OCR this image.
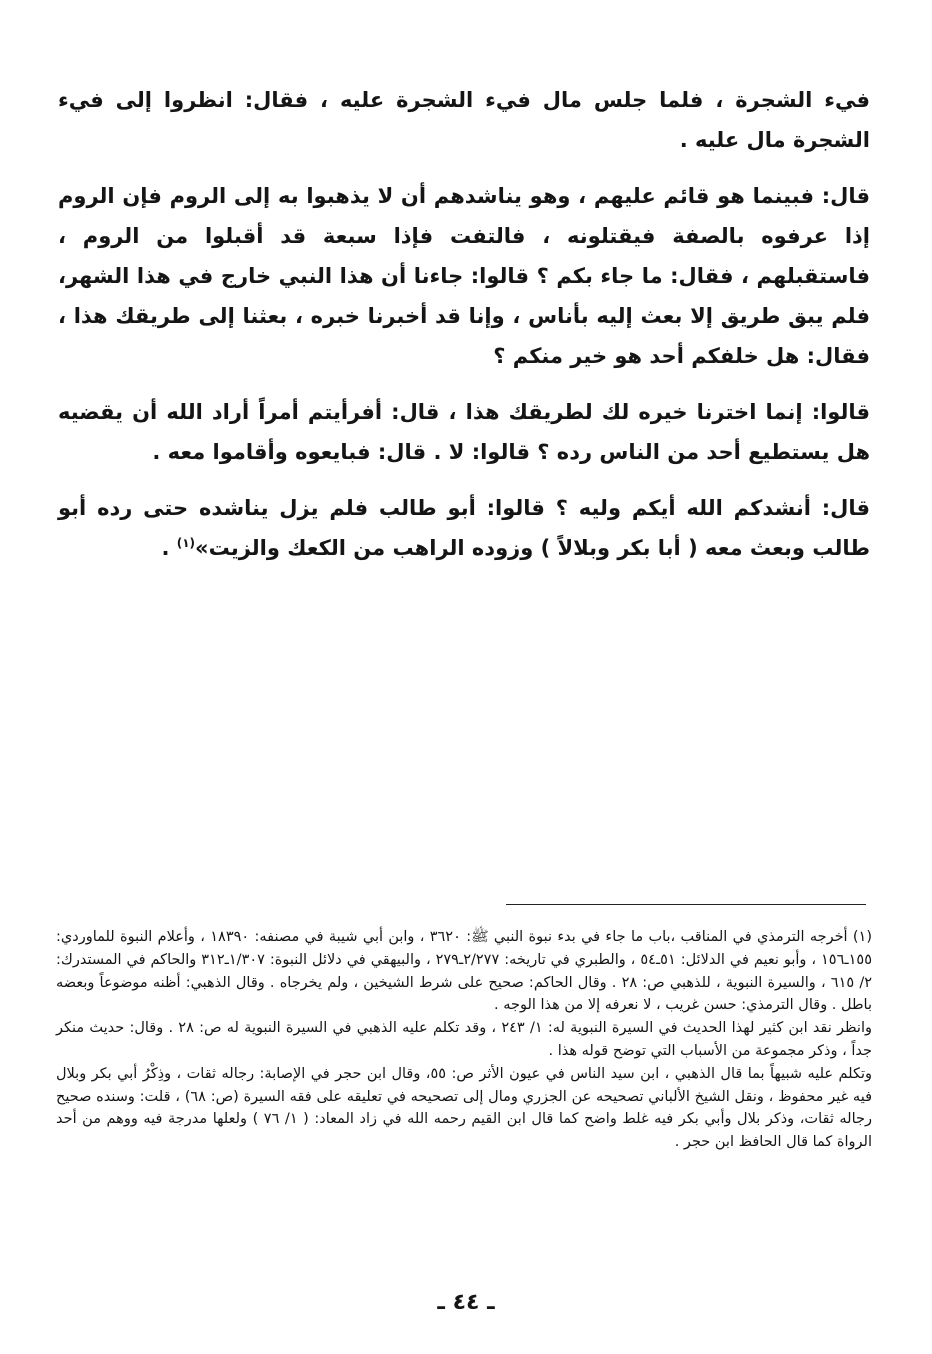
فيء الشجرة ، فلما جلس مال فيء الشجرة عليه ، فقال: انظروا إلى فيء الشجرة مال عليه .

قال: فبينما هو قائم عليهم ، وهو يناشدهم أن لا يذهبوا به إلى الروم فإن الروم إذا عرفوه بالصفة فيقتلونه ، فالتفت فإذا سبعة قد أقبلوا من الروم ، فاستقبلهم ، فقال: ما جاء بكم ؟ قالوا: جاءنا أن هذا النبي خارج في هذا الشهر، فلم يبق طريق إلا بعث إليه بأناس ، وإنا قد أخبرنا خبره ، بعثنا إلى طريقك هذا ، فقال: هل خلفكم أحد هو خير منكم ؟

قالوا: إنما اخترنا خيره لك لطريقك هذا ، قال: أفرأيتم أمراً أراد الله أن يقضيه هل يستطيع أحد من الناس رده ؟ قالوا: لا . قال: فبايعوه وأقاموا معه .

قال: أنشدكم الله أيكم وليه ؟ قالوا: أبو طالب فلم يزل يناشده حتى رده أبو طالب وبعث معه ( أبا بكر وبلالاً ) وزوده الراهب من الكعك والزيت»$^{(١)}$ .

(١) أخرجه الترمذي في المناقب ،باب ما جاء في بدء نبوة النبي ﷺ: ٣٦٢٠ ، وابن أبي شيبة في مصنفه: ١٨٣٩٠ ، وأعلام النبوة للماوردي: ١٥٥ـ١٥٦ ، وأبو نعيم في الدلائل: ٥١ـ٥٤ ، والطبري في تاريخه: ٢/٢٧٧ـ٢٧٩ ، والبيهقي في دلائل النبوة: ١/٣٠٧ـ٣١٢ والحاكم في المستدرك: ٢/ ٦١٥ ، والسيرة النبوية ، للذهبي ص: ٢٨ . وقال الحاكم: صحيح على شرط الشيخين ، ولم يخرجاه . وقال الذهبي: أظنه موضوعاً وبعضه باطل . وقال الترمذي: حسن غريب ، لا نعرفه إلا من هذا الوجه .

وانظر نقد ابن كثير لهذا الحديث في السيرة النبوية له: ١/ ٢٤٣ ، وقد تكلم عليه الذهبي في السيرة النبوية له ص: ٢٨ . وقال: حديث منكر جداً ، وذكر مجموعة من الأسباب التي توضح قوله هذا .

وتكلم عليه شبيهاً بما قال الذهبي ، ابن سيد الناس في عيون الأثر ص: ٥٥، وقال ابن حجر في الإصابة: رجاله ثقات ، وذِكْرُ أبي بكر وبلال فيه غير محفوظ ، ونقل الشيخ الألباني تصحيحه عن الجزري ومال إلى تصحيحه في تعليقه على فقه السيرة (ص: ٦٨) ، قلت: وسنده صحيح رجاله ثقات، وذكر بلال وأبي بكر فيه غلط واضح كما قال ابن القيم رحمه الله في زاد المعاد: ( ١/ ٧٦ ) ولعلها مدرجة فيه ووهم من أحد الرواة كما قال الحافظ ابن حجر .

ـ ٤٤ ـ
